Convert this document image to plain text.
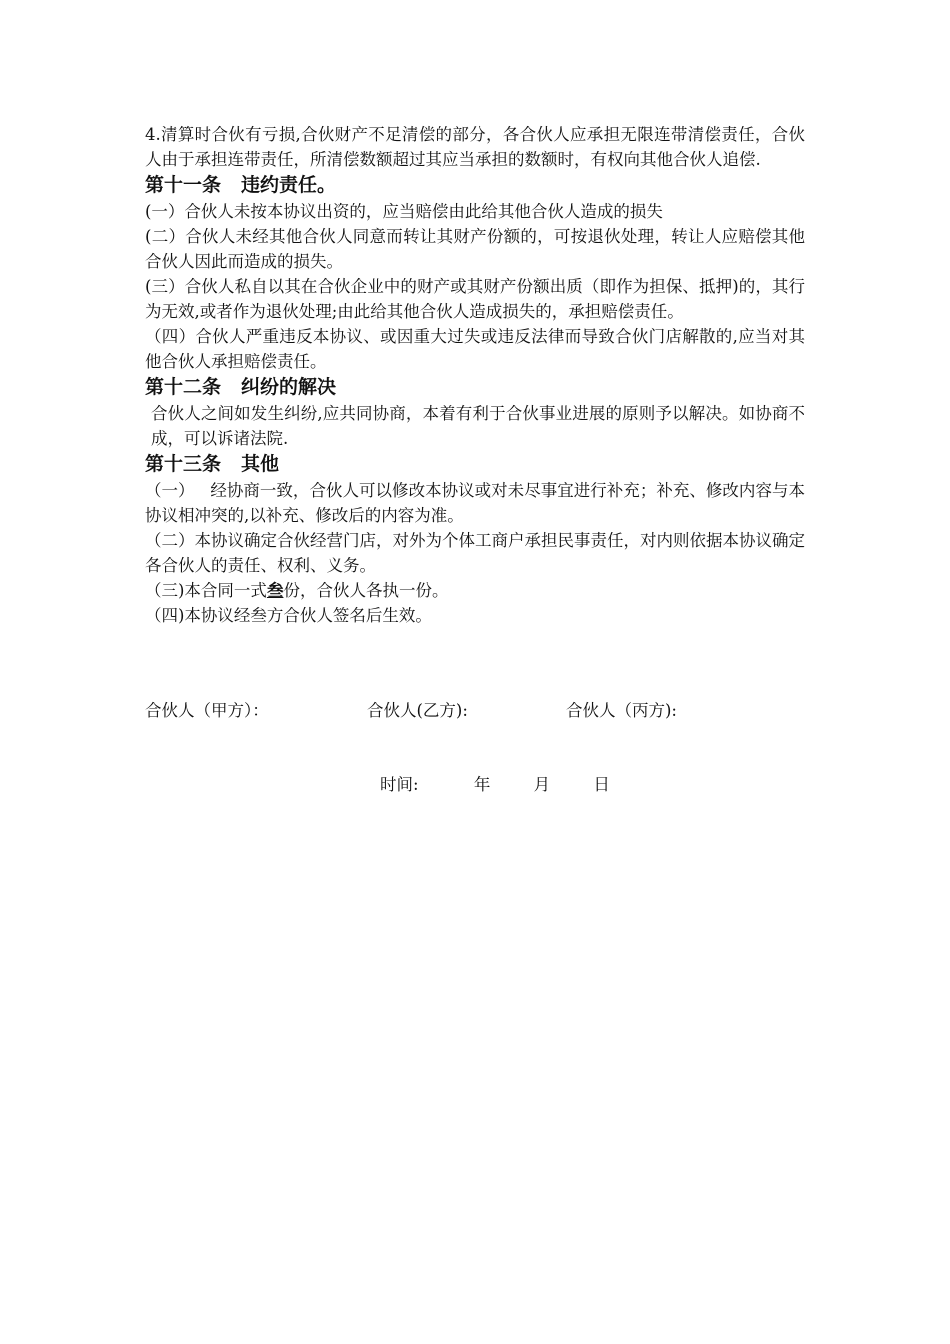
4.清算时合伙有亏损,合伙财产不足清偿的部分，各合伙人应承担无限连带清偿责任，合伙人由于承担连带责任，所清偿数额超过其应当承担的数额时，有权向其他合伙人追偿.

第十一条 违约责任。

(一）合伙人未按本协议出资的，应当赔偿由此给其他合伙人造成的损失

(二）合伙人未经其他合伙人同意而转让其财产份额的，可按退伙处理，转让人应赔偿其他合伙人因此而造成的损失。

(三）合伙人私自以其在合伙企业中的财产或其财产份额出质（即作为担保、抵押)的，其行为无效,或者作为退伙处理;由此给其他合伙人造成损失的，承担赔偿责任。

（四）合伙人严重违反本协议、或因重大过失或违反法律而导致合伙门店解散的,应当对其他合伙人承担赔偿责任。

第十二条 纠纷的解决

合伙人之间如发生纠纷,应共同协商，本着有利于合伙事业进展的原则予以解决。如协商不成，可以诉诸法院.

第十三条 其他

（一）   经协商一致，合伙人可以修改本协议或对未尽事宜进行补充；补充、修改内容与本协议相冲突的,以补充、修改后的内容为准。

（二）本协议确定合伙经营门店，对外为个体工商户承担民事责任，对内则依据本协议确定各合伙人的责任、权利、义务。

（三)本合同一式叁份，合伙人各执一份。

（四)本协议经叁方合伙人签名后生效。

合伙人（甲方）：	合伙人(乙方):	合伙人（丙方):
时间:	年	月	日
